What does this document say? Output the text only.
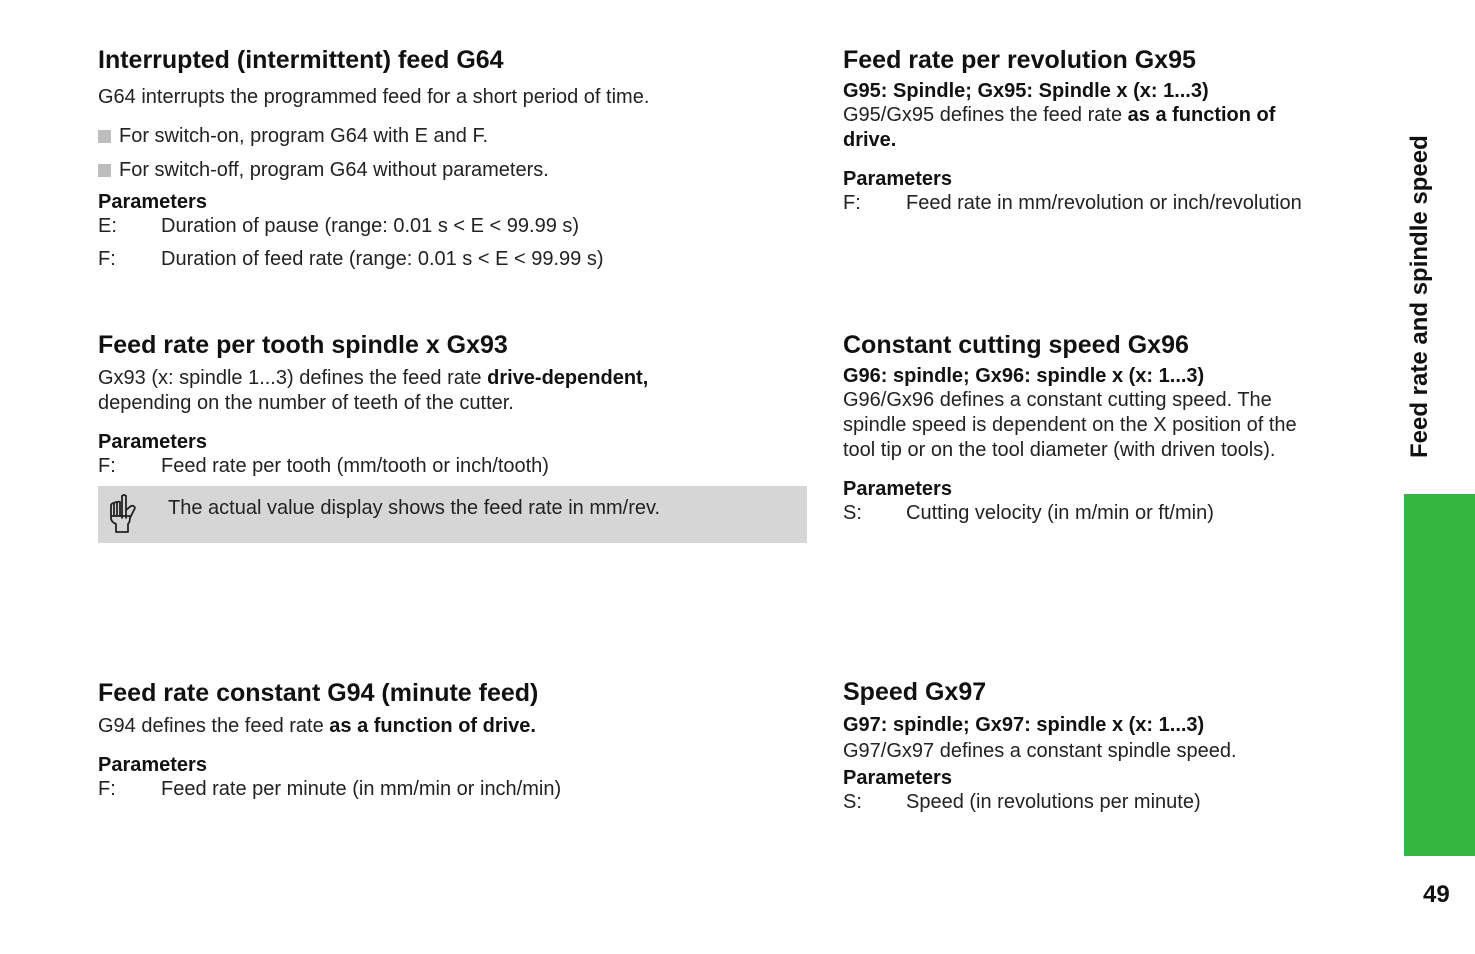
Interrupted (intermittent) feed G64
G64 interrupts the programmed feed for a short period of time.
For switch-on, program G64 with E and F.
For switch-off, program G64 without parameters.
Parameters
E:	Duration of pause (range: 0.01 s < E < 99.99 s)
F:	Duration of feed rate (range: 0.01 s < E < 99.99 s)
Feed rate per tooth spindle x Gx93
Gx93 (x: spindle 1...3) defines the feed rate drive-dependent,
depending on the number of teeth of the cutter.
Parameters
F:	Feed rate per tooth (mm/tooth or inch/tooth)
The actual value display shows the feed rate in mm/rev.
Feed rate constant G94 (minute feed)
G94 defines the feed rate as a function of drive.
Parameters
F:	Feed rate per minute (in mm/min or inch/min)
Feed rate per revolution Gx95
G95: Spindle; Gx95: Spindle x (x: 1...3)
G95/Gx95 defines the feed rate as a function of
drive.
Parameters
F:	Feed rate in mm/revolution or inch/revolution
Constant cutting speed Gx96
G96: spindle; Gx96: spindle x (x: 1...3)
G96/Gx96 defines a constant cutting speed. The
spindle speed is dependent on the X position of the
tool tip or on the tool diameter (with driven tools).
Parameters
S:	Cutting velocity (in m/min or ft/min)
Speed Gx97
G97: spindle; Gx97: spindle x (x: 1...3)
G97/Gx97 defines a constant spindle speed.
Parameters
S:	Speed (in revolutions per minute)
Feed rate and spindle speed
49
